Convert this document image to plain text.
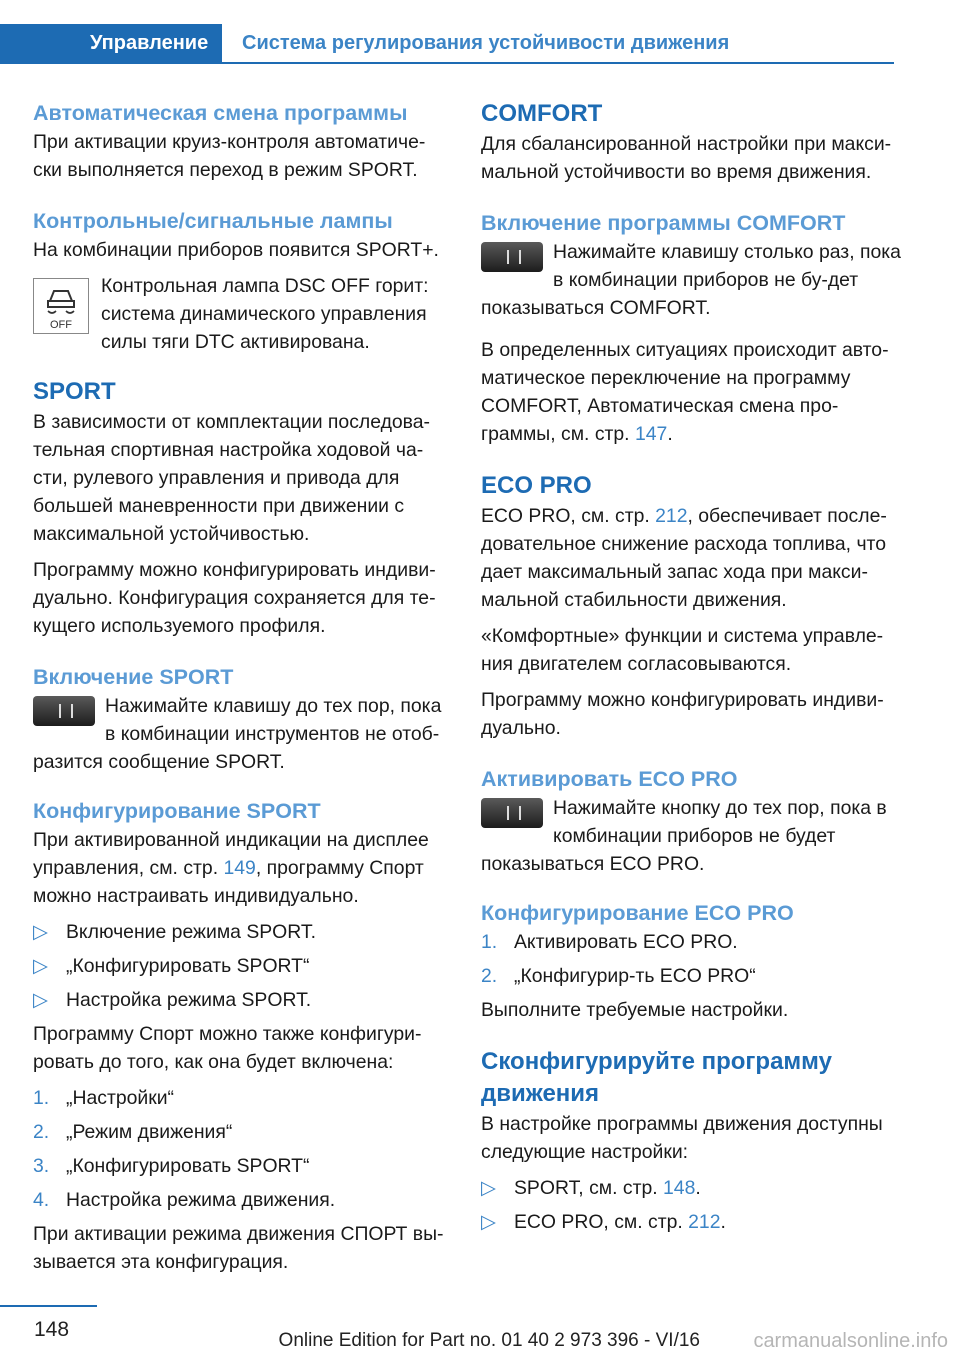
Управление Система регулирования устойчивости движения
Автоматическая смена программы

При активации круиз-контроля автоматиче-ски выполняется переход в режим SPORT.

Контрольные/сигнальные лампы

На комбинации приборов появится SPORT+.

OFF

Контрольная лампа DSC OFF горит: система динамического управления силы тяги DTC активирована.

SPORT

В зависимости от комплектации последова-тельная спортивная настройка ходовой ча-сти, рулевого управления и привода для большей маневренности при движении с максимальной устойчивостью.

Программу можно конфигурировать индиви-дуально. Конфигурация сохраняется для те-кущего используемого профиля.

Включение SPORT

Нажимайте клавишу до тех пор, пока в комбинации инструментов не отоб-разится сообщение SPORT.

Конфигурирование SPORT

При активированной индикации на дисплее управления, см. стр. 149, программу Спорт можно настраивать индивидуально.

▷ Включение режима SPORT.
▷ „Конфигурировать SPORT“
▷ Настройка режима SPORT.

Программу Спорт можно также конфигури-ровать до того, как она будет включена:

1. „Настройки“
2. „Режим движения“
3. „Конфигурировать SPORT“
4. Настройка режима движения.

При активации режима движения СПОРТ вы-зывается эта конфигурация.

COMFORT

Для сбалансированной настройки при макси-мальной устойчивости во время движения.

Включение программы COMFORT

Нажимайте клавишу столько раз, пока в комбинации приборов не бу-дет показываться COMFORT.

В определенных ситуациях происходит авто-матическое переключение на программу COMFORT, Автоматическая смена про-граммы, см. стр. 147.

ECO PRO

ECO PRO, см. стр. 212, обеспечивает после-довательное снижение расхода топлива, что дает максимальный запас хода при макси-мальной стабильности движения.

«Комфортные» функции и система управле-ния двигателем согласовываются.

Программу можно конфигурировать индиви-дуально.

Активировать ECO PRO

Нажимайте кнопку до тех пор, пока в комбинации приборов не будет показываться ECO PRO.

Конфигурирование ECO PRO
1. Активировать ECO PRO.
2. „Конфигурир-ть ECO PRO“

Выполните требуемые настройки.

Сконфигурируйте программу движения

В настройке программы движения доступны следующие настройки:

▷ SPORT, см. стр. 148.
▷ ECO PRO, см. стр. 212.
148	Online Edition for Part no. 01 40 2 973 396 - VI/16	carmanualsonline.info
